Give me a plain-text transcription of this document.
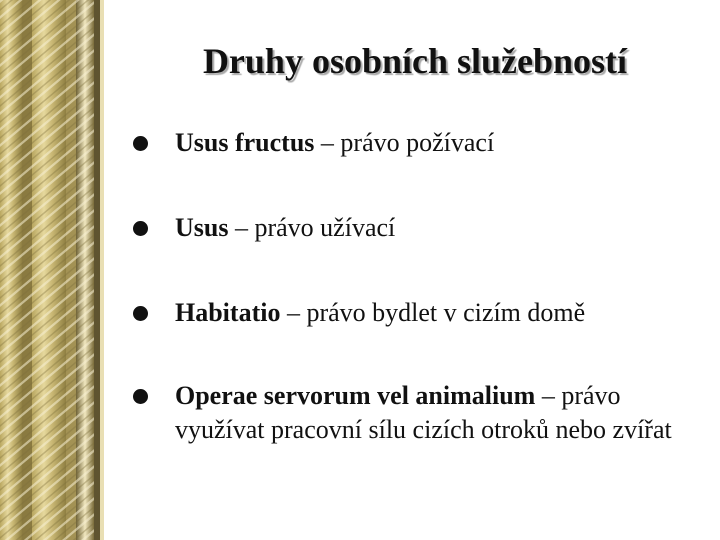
Druhy osobních služebností
Usus fructus – právo požívací
Usus – právo užívací
Habitatio – právo bydlet v cizím domě
Operae servorum vel animalium – právo využívat pracovní sílu cizích otroků nebo zvířat
